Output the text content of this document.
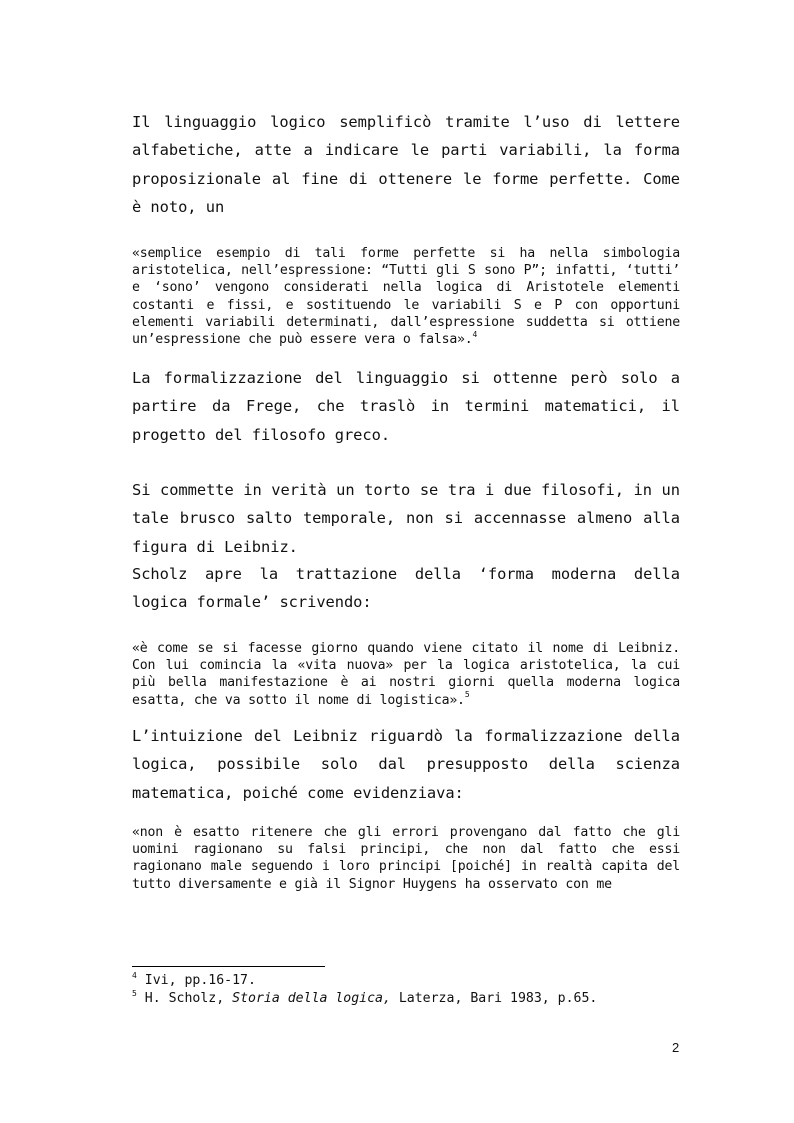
Il linguaggio logico semplificò tramite l’uso di lettere alfabetiche, atte a indicare le parti variabili, la forma proposizionale al fine di ottenere le forme perfette. Come è noto, un

«semplice esempio di tali forme perfette si ha nella simbologia aristotelica, nell’espressione: “Tutti gli S sono P”; infatti, ‘tutti’ e ‘sono’ vengono considerati nella logica di Aristotele elementi costanti e fissi, e sostituendo le variabili S e P con opportuni elementi variabili determinati, dall’espressione suddetta si ottiene un’espressione che può essere vera o falsa».$^4$

La formalizzazione del linguaggio si ottenne però solo a partire da Frege, che traslò in termini matematici, il progetto del filosofo greco.

Si commette in verità un torto se tra i due filosofi, in un tale brusco salto temporale, non si accennasse almeno alla figura di Leibniz.

Scholz apre la trattazione della ‘forma moderna della logica formale’ scrivendo:

«è come se si facesse giorno quando viene citato il nome di Leibniz. Con lui comincia la «vita nuova» per la logica aristotelica, la cui più bella manifestazione è ai nostri giorni quella moderna logica esatta, che va sotto il nome di logistica».$^5$

L’intuizione del Leibniz riguardò la formalizzazione della logica, possibile solo dal presupposto della scienza matematica, poiché come evidenziava:

«non è esatto ritenere che gli errori provengano dal fatto che gli uomini ragionano su falsi principi, che non dal fatto che essi ragionano male seguendo i loro principi [poiché] in realtà capita del tutto diversamente e già il Signor Huygens ha osservato con me

$^4$ Ivi, pp.16-17.
$^5$ H. Scholz, Storia della logica, Laterza, Bari 1983, p.65.
2
